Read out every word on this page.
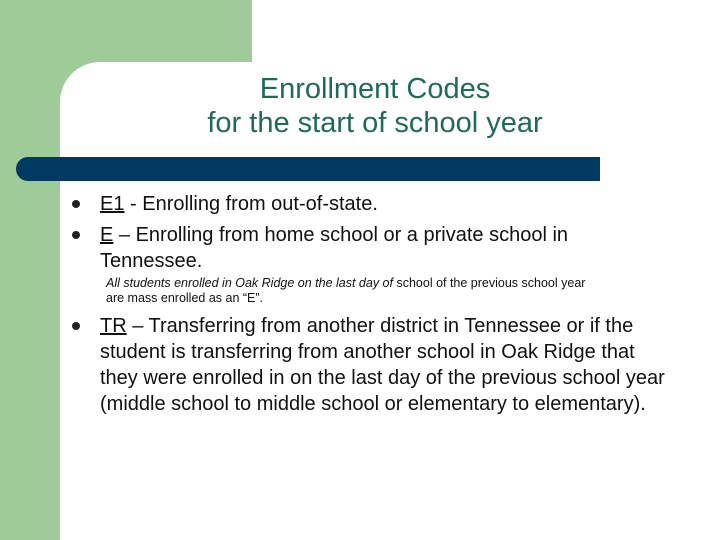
Enrollment Codes
for the start of school year
E1 - Enrolling from out-of-state.
E – Enrolling from home school or a private school in Tennessee.
All students enrolled in Oak Ridge on the last day of school of the previous school year
are mass enrolled as an “E”.
TR – Transferring from another district in Tennessee or if the student is transferring from another school in Oak Ridge that they were enrolled in on the last day of the previous school year (middle school to middle school or elementary to elementary).
